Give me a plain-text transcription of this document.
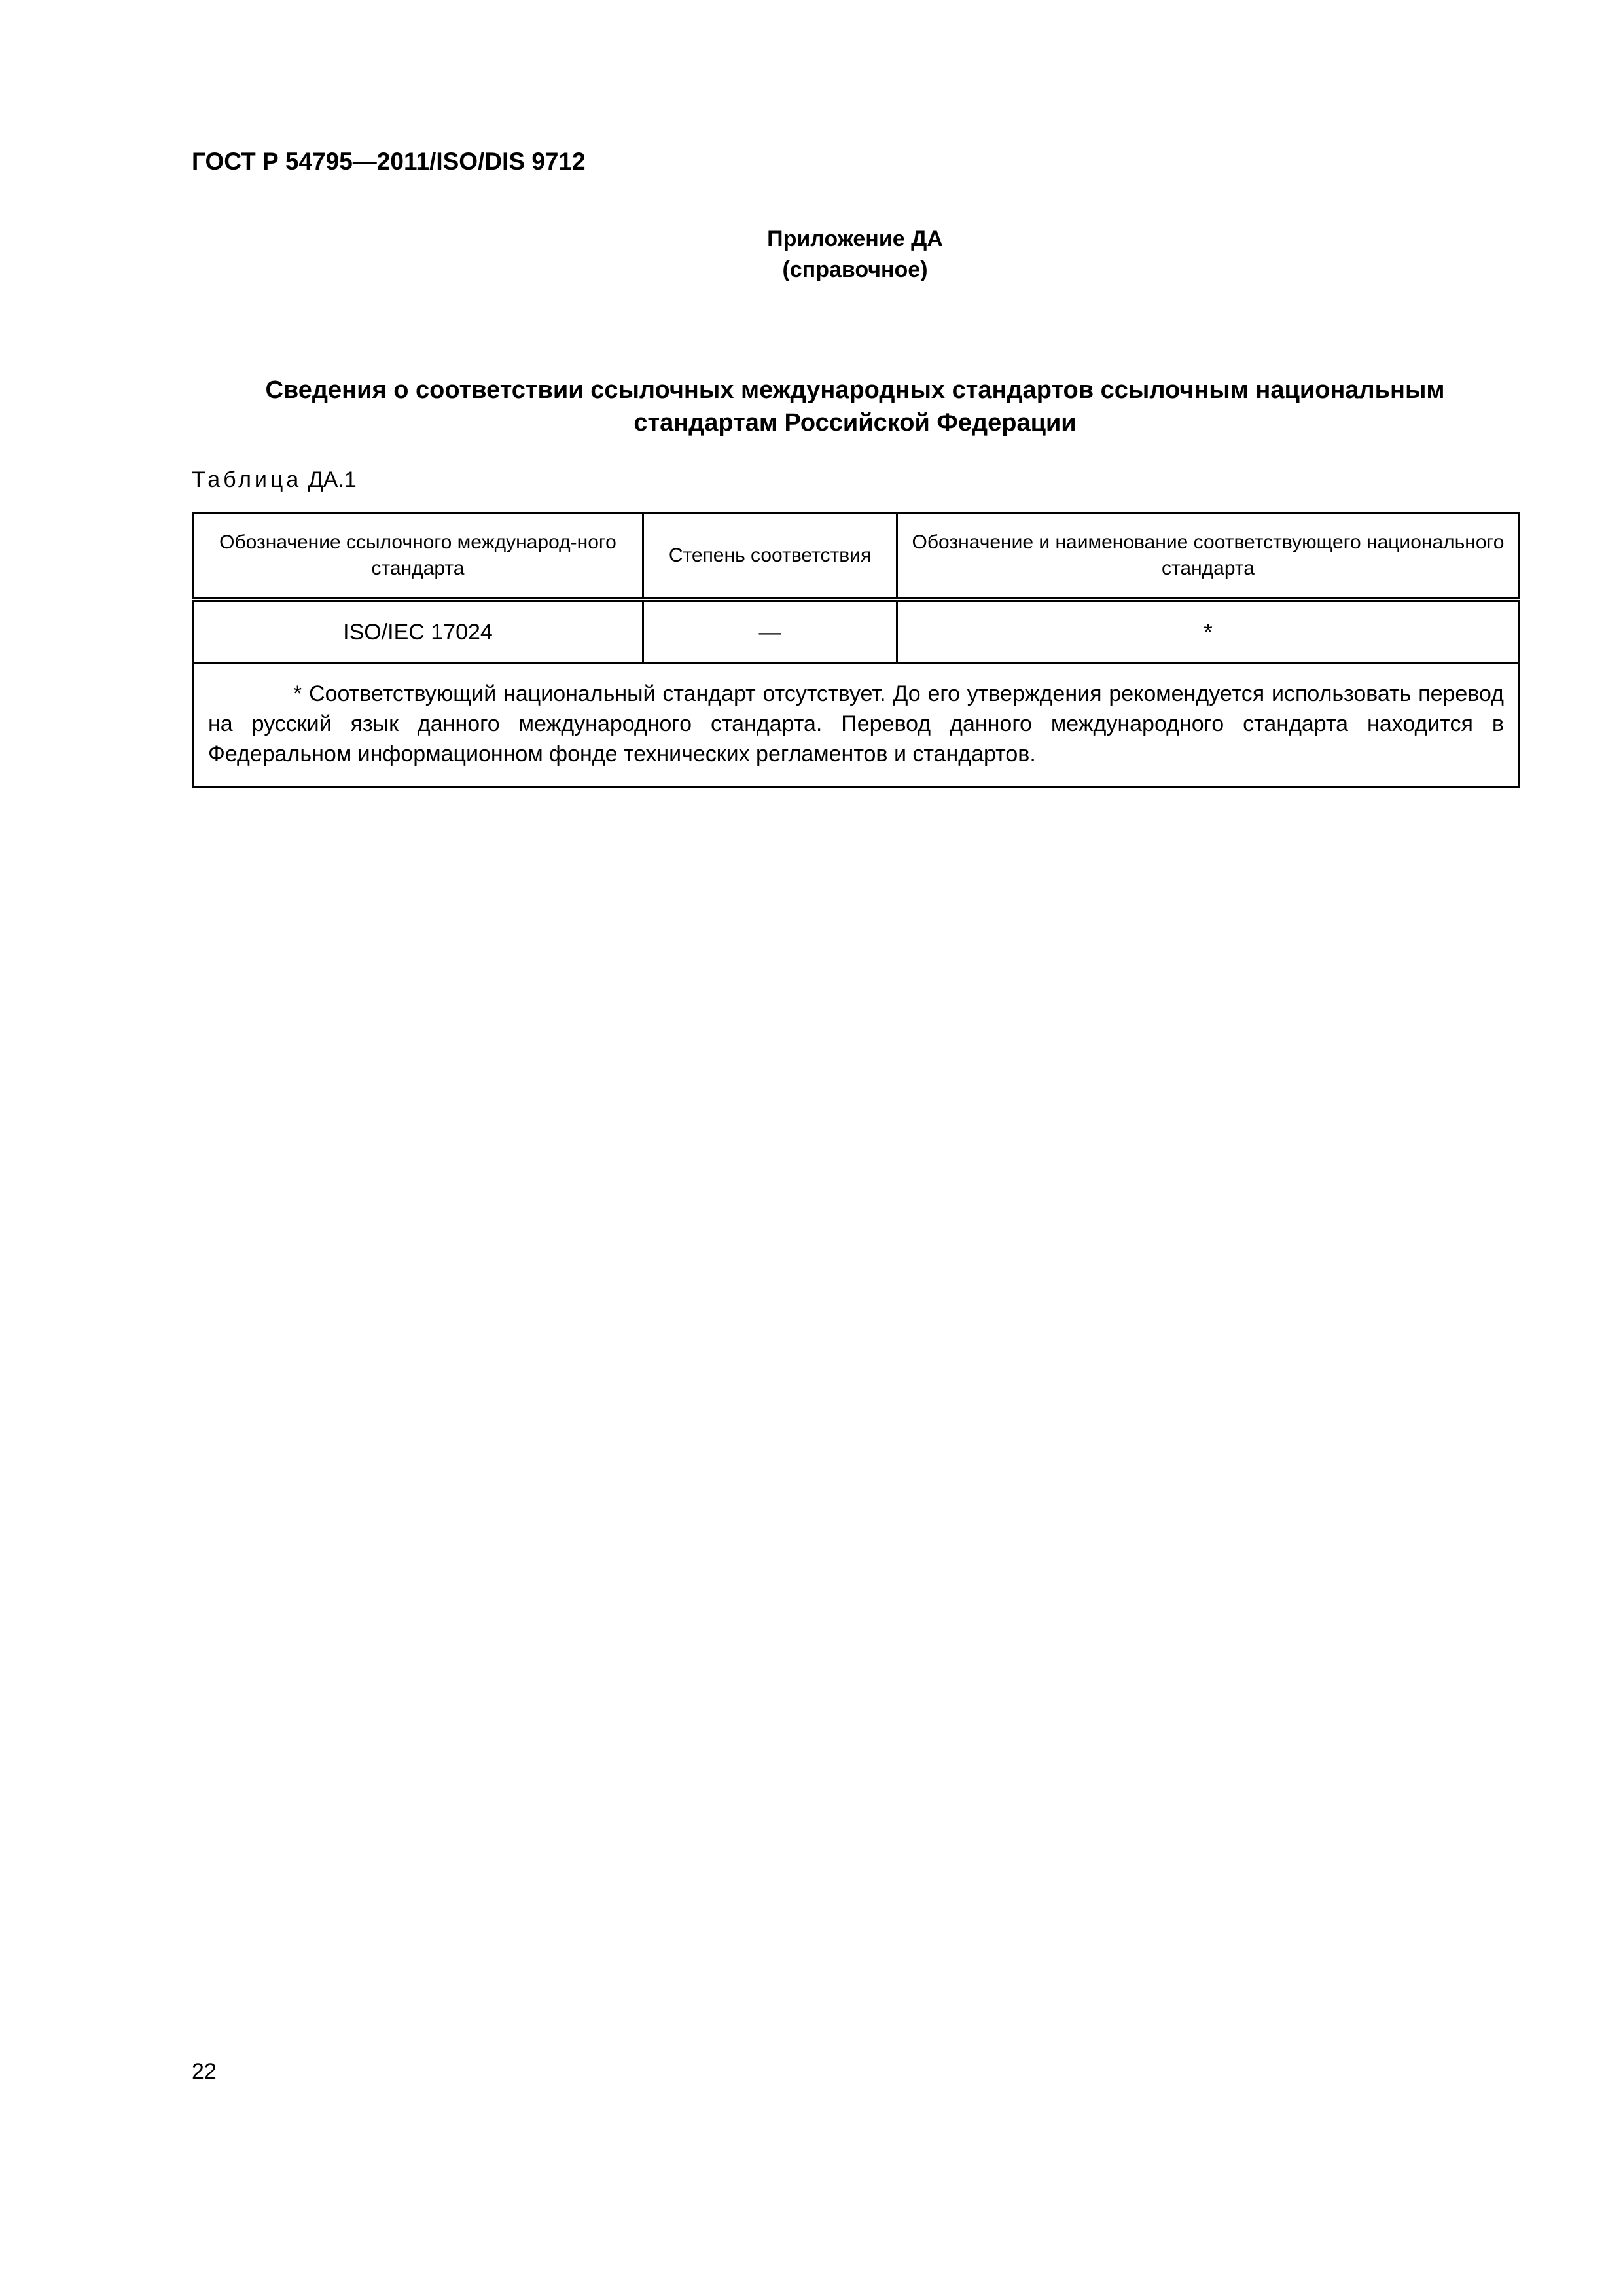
ГОСТ Р 54795—2011/ISO/DIS 9712
Приложение ДА
(справочное)
Сведения о соответствии ссылочных международных стандартов ссылочным национальным стандартам Российской Федерации
Таблица ДА.1
Обозначение ссылочного международ-ного стандарта	Степень соответствия	Обозначение и наименование соответствующего национального стандарта
ISO/IEC 17024	—	*

* Соответствующий национальный стандарт отсутствует. До его утверждения рекомендуется использовать перевод на русский язык данного международного стандарта. Перевод данного международного стандарта находится в Федеральном информационном фонде технических регламентов и стандартов.		
22
